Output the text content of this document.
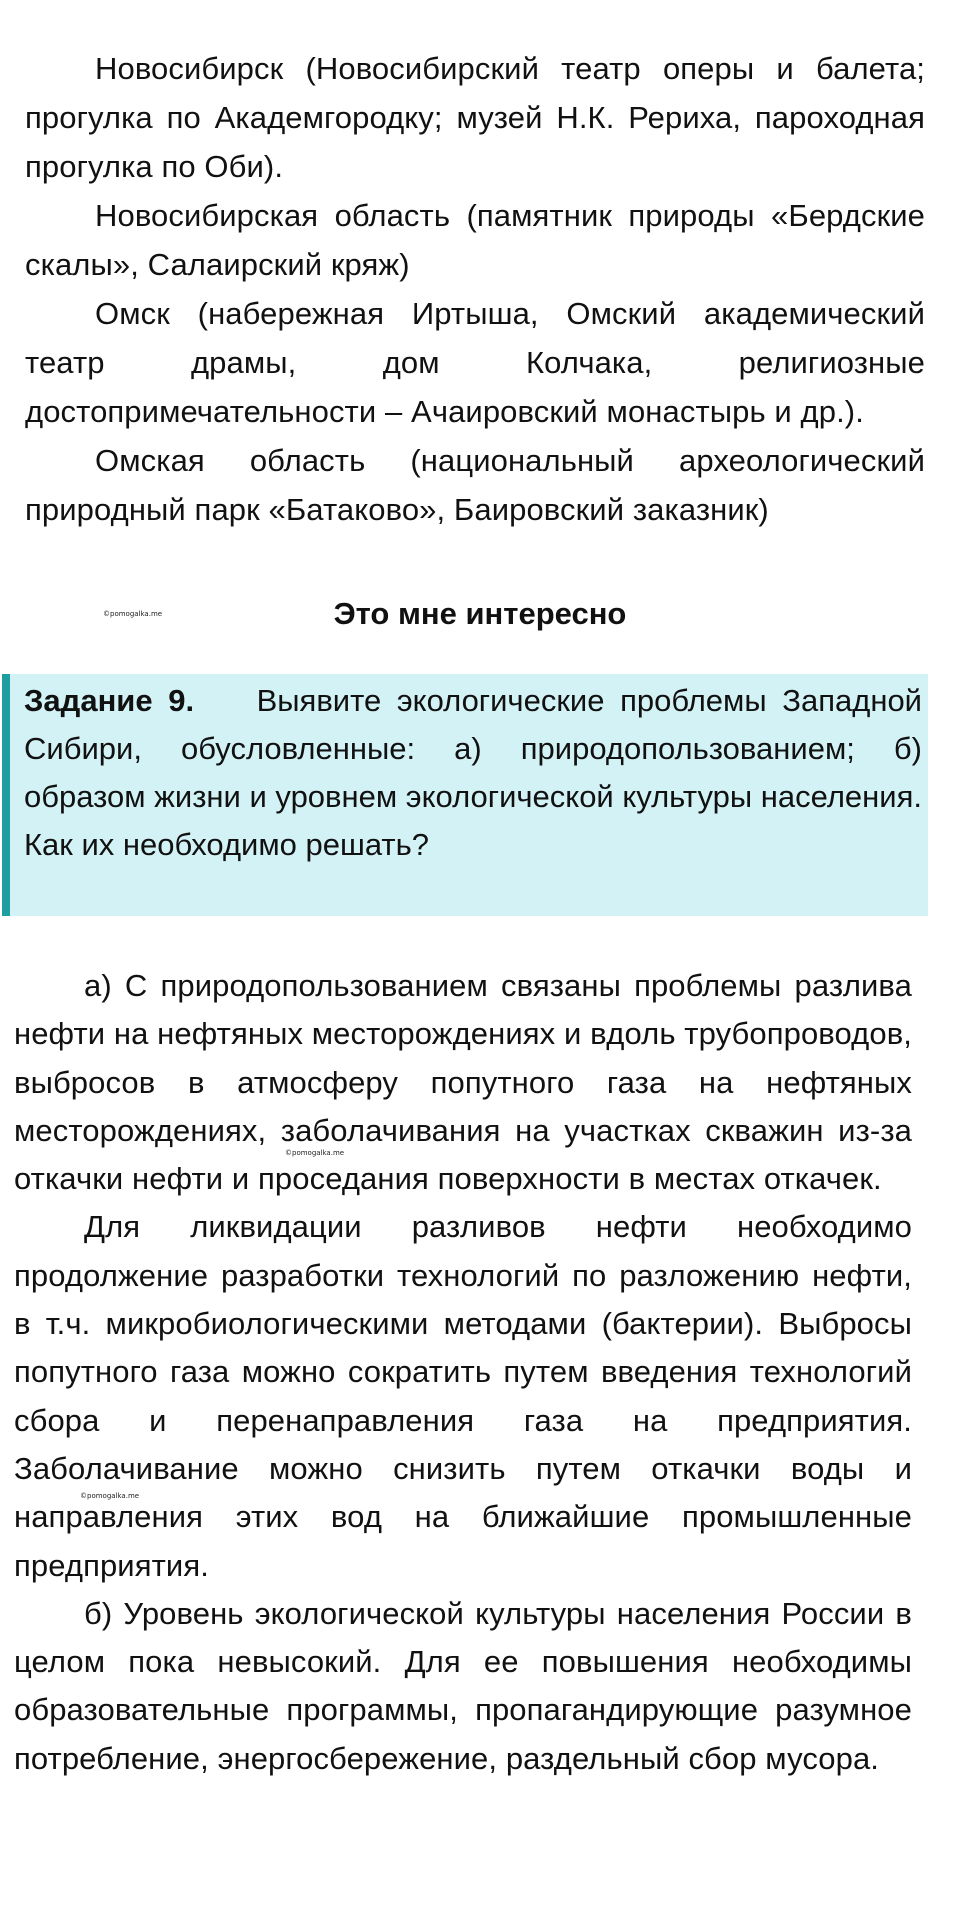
Новосибирск (Новосибирский театр оперы и балета; прогулка по Академгородку; музей Н.К. Рериха, пароходная прогулка по Оби).

Новосибирская область (памятник природы «Бердские скалы», Салаирский кряж)

Омск (набережная Иртыша, Омский академический театр драмы, дом Колчака, религиозные достопримечательности – Ачаировский монастырь и др.).

Омская область (национальный археологический природный парк «Батаково», Баировский заказник)

©pomogalka.me	Это мне интересно

Задание 9. Выявите экологические проблемы Западной Сибири, обусловленные: а) природопользованием; б) образом жизни и уровнем экологической культуры населения. Как их необходимо решать?

а) С природопользованием связаны проблемы разлива нефти на нефтяных месторождениях и вдоль трубопроводов, выбросов в атмосферу попутного газа на нефтяных месторождениях, заболачивания на участках скважин из-за откачки нефти и проседания поверхности в местах откачек.

Для ликвидации разливов нефти необходимо продолжение разработки технологий по разложению нефти, в т.ч. микробиологическими методами (бактерии). Выбросы попутного газа можно сократить путем введения технологий сбора и перенаправления газа на предприятия. Заболачивание можно снизить путем откачки воды и направления этих вод на ближайшие промышленные предприятия.

б) Уровень экологической культуры населения России в целом пока невысокий. Для ее повышения необходимы образовательные программы, пропагандирующие разумное потребление, энергосбережение, раздельный сбор мусора.

©pomogalka.me
©pomogalka.me
